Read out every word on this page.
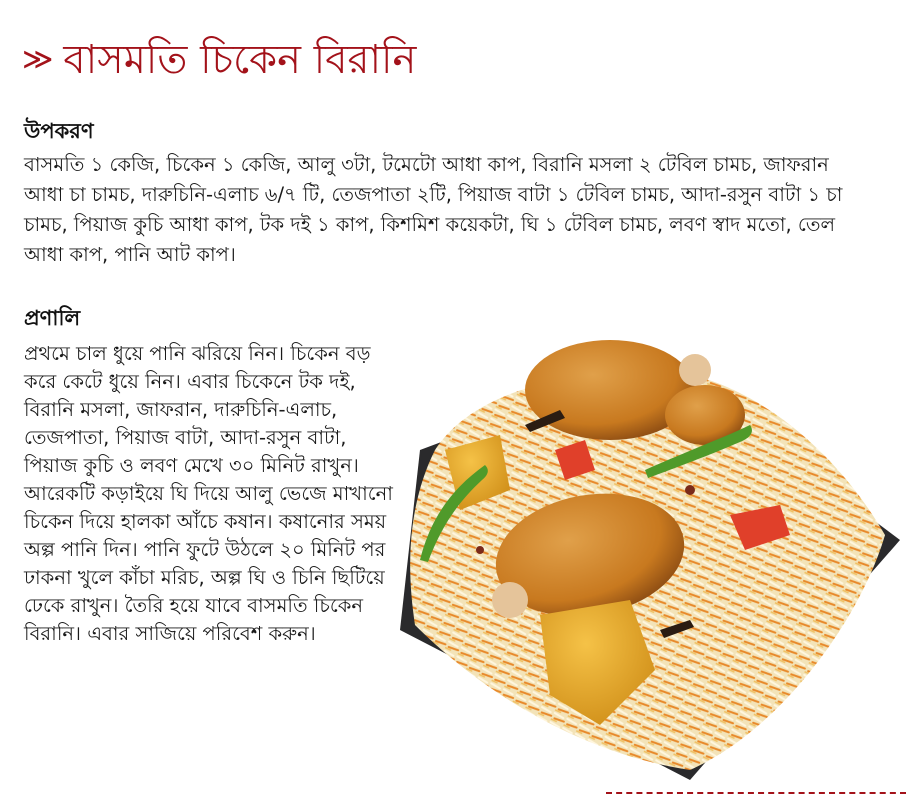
≫ বাসমতি চিকেন বিরানি
উপকরণ

বাসমতি ১ কেজি, চিকেন ১ কেজি, আলু ৩টা, টমেটো আধা কাপ, বিরানি মসলা ২ টেবিল চামচ, জাফরান আধা চা চামচ, দারুচিনি-এলাচ ৬/৭ টি, তেজপাতা ২টি, পিয়াজ বাটা ১ টেবিল চামচ, আদা-রসুন বাটা ১ চা চামচ, পিয়াজ কুচি আধা কাপ, টক দই ১ কাপ, কিশমিশ কয়েকটা, ঘি ১ টেবিল চামচ, লবণ স্বাদ মতো, তেল আধা কাপ, পানি আট কাপ।

প্রণালি

প্রথমে চাল ধুয়ে পানি ঝরিয়ে নিন। চিকেন বড় করে কেটে ধুয়ে নিন। এবার চিকেনে টক দই, বিরানি মসলা, জাফরান, দারুচিনি-এলাচ, তেজপাতা, পিয়াজ বাটা, আদা-রসুন বাটা, পিয়াজ কুচি ও লবণ মেখে ৩০ মিনিট রাখুন। আরেকটি কড়াইয়ে ঘি দিয়ে আলু ভেজে মাখানো চিকেন দিয়ে হালকা আঁচে কষান। কষানোর সময় অল্প পানি দিন। পানি ফুটে উঠলে ২০ মিনিট পর ঢাকনা খুলে কাঁচা মরিচ, অল্প ঘি ও চিনি ছিটিয়ে ঢেকে রাখুন। তৈরি হয়ে যাবে বাসমতি চিকেন বিরানি। এবার সাজিয়ে পরিবেশ করুন।
